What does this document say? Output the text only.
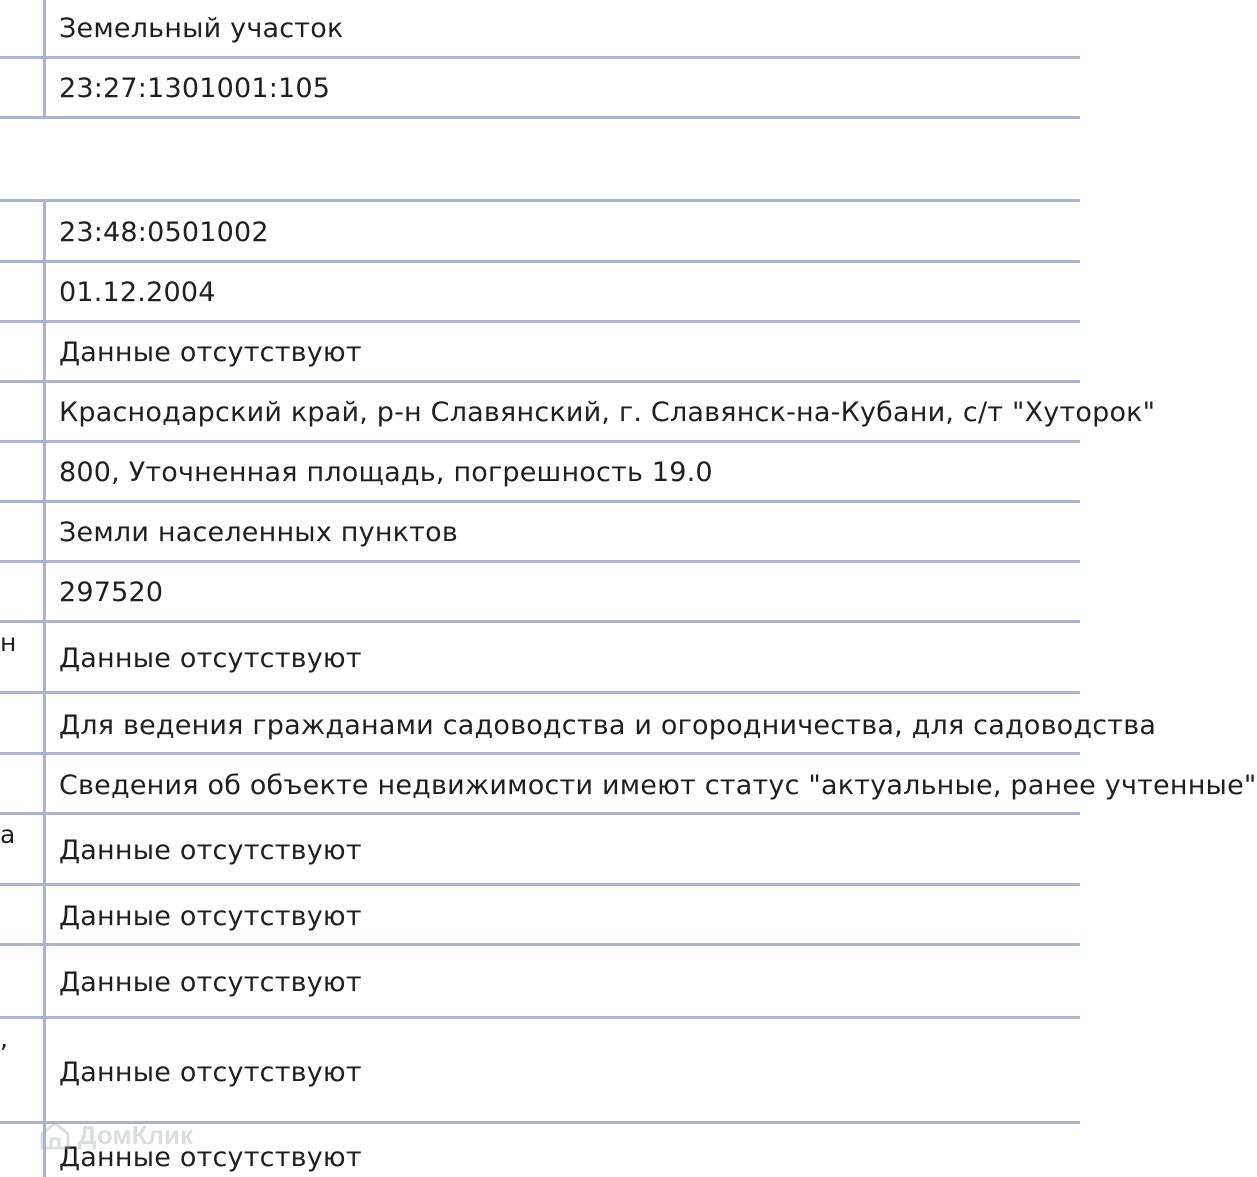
н
а
,
Земельный участок
23:27:1301001:105
23:48:0501002
01.12.2004
Данные отсутствуют
Краснодарский край, р-н Славянский, г. Славянск-на-Кубани, с/т "Хуторок"
800, Уточненная площадь, погрешность 19.0
Земли населенных пунктов
297520
Данные отсутствуют
Для ведения гражданами садоводства и огородничества, для садоводства
Сведения об объекте недвижимости имеют статус "актуальные, ранее учтенные"
Данные отсутствуют
Данные отсутствуют
Данные отсутствуют
Данные отсутствуют
Данные отсутствуют
ДомКлик
